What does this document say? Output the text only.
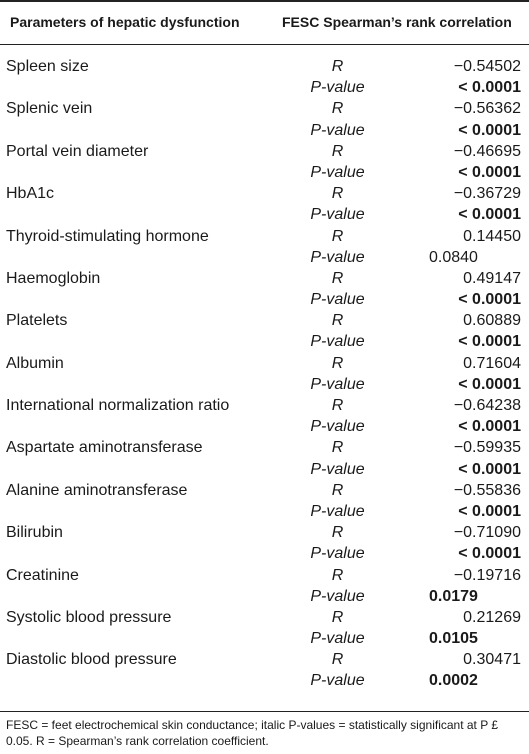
Parameters of hepatic dysfunction	FESC Spearman’s rank correlation
Spleen size	R	−0.54502
P-value	< 0.0001
Splenic vein	R	−0.56362
P-value	< 0.0001
Portal vein diameter	R	−0.46695
P-value	< 0.0001
HbA1c	R	−0.36729
P-value	< 0.0001
Thyroid-stimulating hormone	R	0.14450
P-value	0.0840
Haemoglobin	R	0.49147
P-value	< 0.0001
Platelets	R	0.60889
P-value	< 0.0001
Albumin	R	0.71604
P-value	< 0.0001
International normalization ratio	R	−0.64238
P-value	< 0.0001
Aspartate aminotransferase	R	−0.59935
P-value	< 0.0001
Alanine aminotransferase	R	−0.55836
P-value	< 0.0001
Bilirubin	R	−0.71090
P-value	< 0.0001
Creatinine	R	−0.19716
P-value	0.0179
Systolic blood pressure	R	0.21269
P-value	0.0105
Diastolic blood pressure	R	0.30471
P-value	0.0002
FESC = feet electrochemical skin conductance; italic P-values = statistically significant at P £ 0.05. R = Spearman’s rank correlation coefficient.
